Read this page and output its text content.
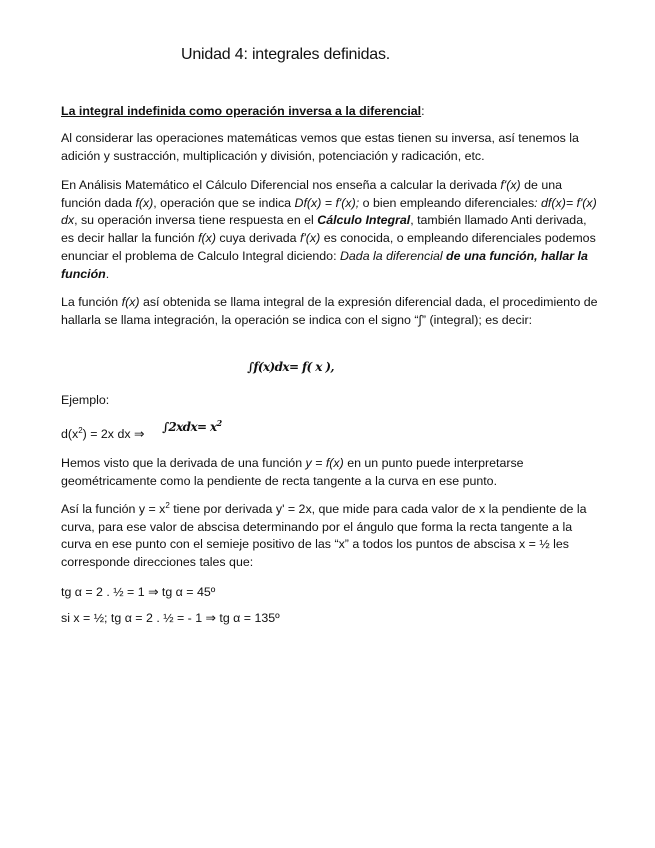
Unidad 4: integrales definidas.
La integral indefinida como operación inversa a la diferencial:
Al considerar las operaciones matemáticas vemos que estas tienen su inversa, así tenemos la adición y sustracción, multiplicación y división, potenciación y radicación, etc.
En Análisis Matemático el Cálculo Diferencial nos enseña a calcular la derivada f'(x) de una función dada f(x), operación que se indica Df(x) = f'(x); o bien empleando diferenciales: df(x)= f'(x) dx, su operación inversa tiene respuesta en el Cálculo Integral, también llamado Anti derivada, es decir hallar la función f(x) cuya derivada f'(x) es conocida, o empleando diferenciales podemos enunciar el problema de Calculo Integral diciendo: Dada la diferencial de una función, hallar la función.
La función f(x) así obtenida se llama integral de la expresión diferencial dada, el procedimiento de hallarla se llama integración, la operación se indica con el signo “∫” (integral); es decir:
∫f(x)dx= f( x ),
Ejemplo:
$d(x^2) = 2x$ dx ⇒ $\int 2xdx= x^2$
Hemos visto que la derivada de una función y = f(x) en un punto puede interpretarse geométricamente como la pendiente de recta tangente a la curva en ese punto.
Así la función $y = x^2$ tiene por derivada y' = 2x, que mide para cada valor de x la pendiente de la curva, para ese valor de abscisa determinando por el ángulo que forma la recta tangente a la curva en ese punto con el semieje positivo de las “x” a todos los puntos de abscisa x = ½ les corresponde direcciones tales que:
tg α = 2 . ½ = 1 ⇒ tg α = 45º
si x = ½; tg α = 2 . ½ = - 1 ⇒ tg α = 135º
